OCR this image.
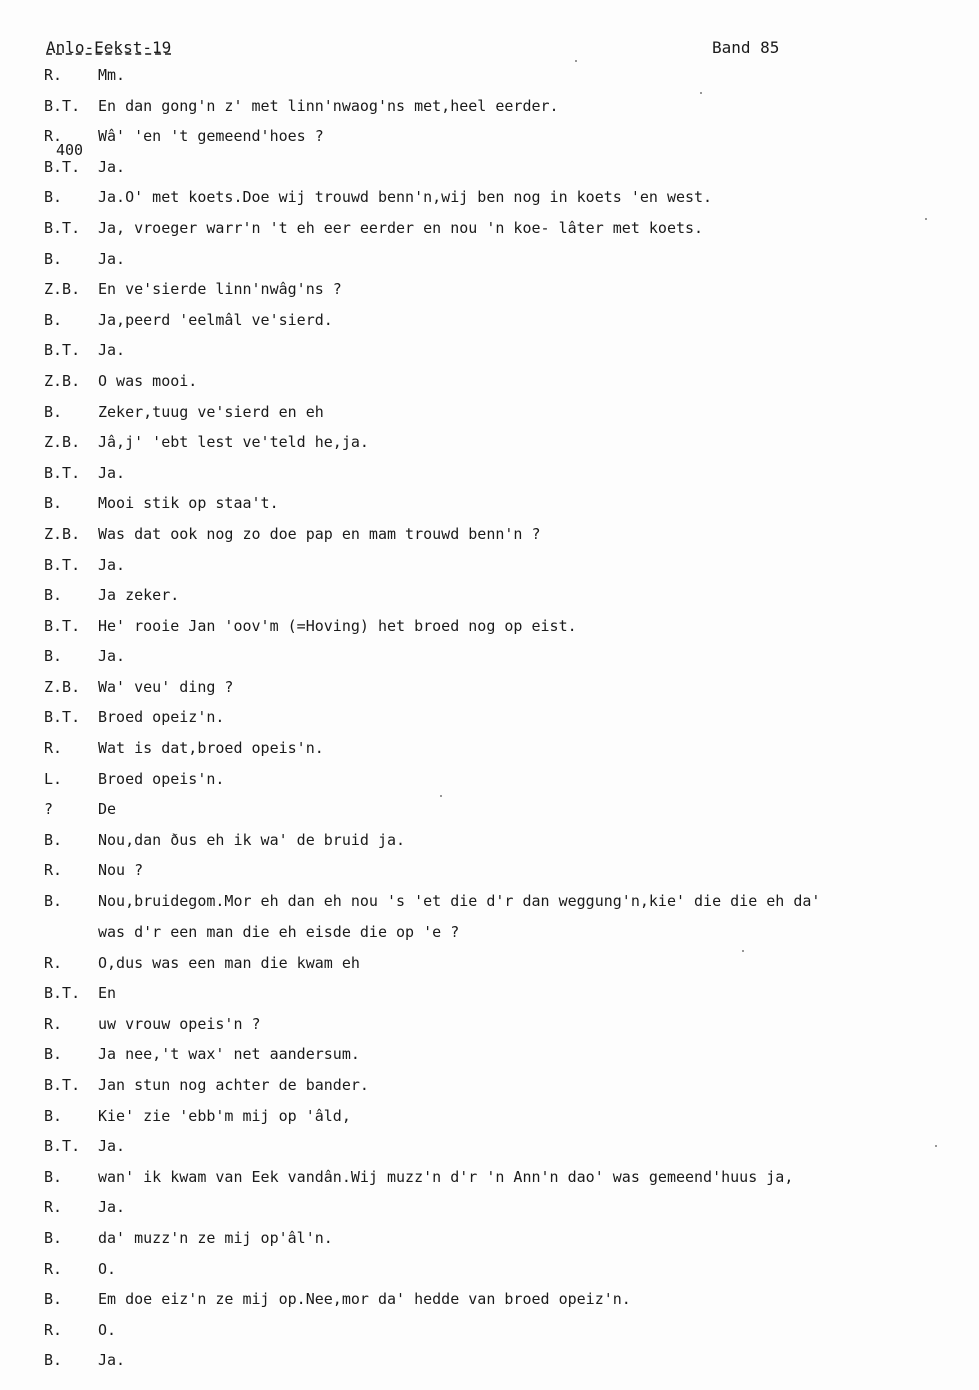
Anlo-Eekst-19	Band 85
400
R.	Mm.
B.T.	En dan gong'n z' met linn'nwaog'ns met,heel eerder.
R.	Wâ' 'en 't gemeend'hoes ?
B.T.	Ja.
B.	Ja.O' met koets.Doe wij trouwd benn'n,wij ben nog in koets 'en west.
B.T.	Ja, vroeger warr'n 't eh eer eerder en nou 'n koe- lâter met koets.
B.	Ja.
Z.B.	En ve'sierde linn'nwâg'ns ?
B.	Ja,peerd 'eelmâl ve'sierd.
B.T.	Ja.
Z.B.	O was mooi.
B.	Zeker,tuug ve'sierd en eh
Z.B.	Jâ,j' 'ebt lest ve'teld he,ja.
B.T.	Ja.
B.	Mooi stik op staa't.
Z.B.	Was dat ook nog zo doe pap en mam trouwd benn'n ?
B.T.	Ja.
B.	Ja zeker.
B.T.	He' rooie Jan 'oov'm (=Hoving) het broed nog op eist.
B.	Ja.
Z.B.	Wa' veu' ding ?
B.T.	Broed opeiz'n.
R.	Wat is dat,broed opeis'n.
L.	Broed opeis'n.
?	De
B.	Nou,dan ðus eh ik wa' de bruid ja.
R.	Nou ?
B.	Nou,bruidegom.Mor eh dan eh nou 's 'et die d'r dan weggung'n,kie' die die eh da'
was d'r een man die eh eisde die op 'e ?
R.	O,dus was een man die kwam eh
B.T.	En
R.	uw vrouw opeis'n ?
B.	Ja nee,'t wax' net aandersum.
B.T.	Jan stun nog achter de bander.
B.	Kie' zie 'ebb'm mij op 'âld,
B.T.	Ja.
B.	wan' ik kwam van Eek vandân.Wij muzz'n d'r 'n Ann'n dao' was gemeend'huus ja,
R.	Ja.
B.	da' muzz'n ze mij op'âl'n.
R.	O.
B.	Em doe eiz'n ze mij op.Nee,mor da' hedde van broed opeiz'n.
R.	O.
B.	Ja.
